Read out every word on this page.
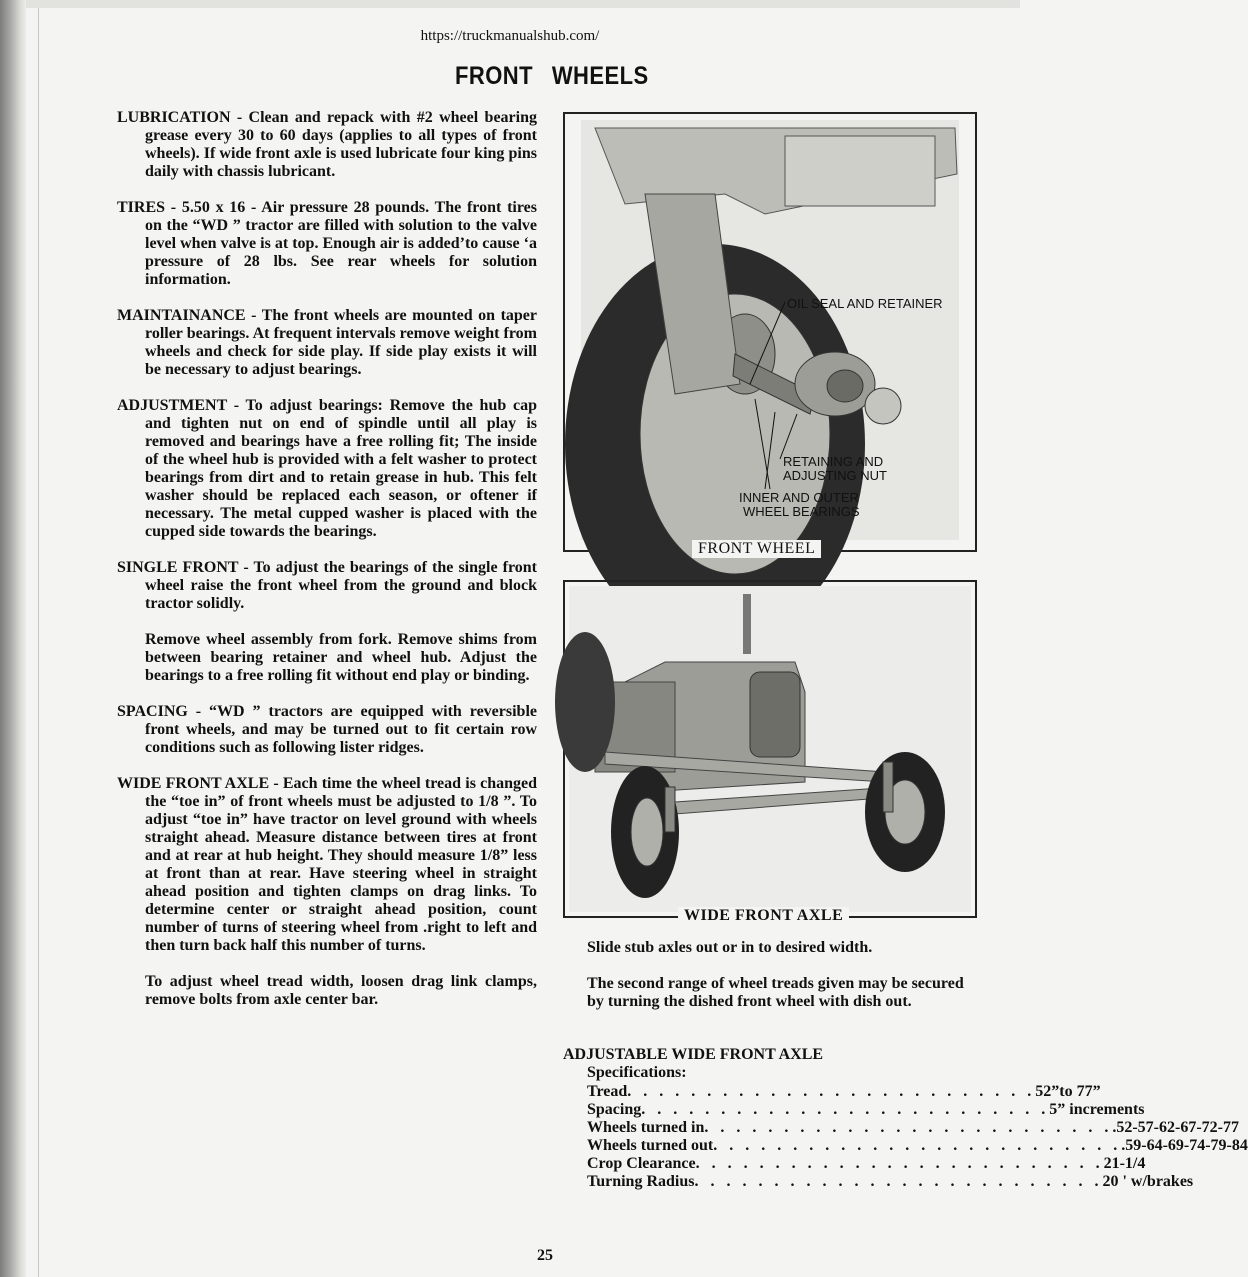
https://truckmanualshub.com/
FRONT WHEELS

LUBRICATION - Clean and repack with #2 wheel bearing grease every 30 to 60 days (applies to all types of front wheels). If wide front axle is used lubricate four king pins daily with chassis lubricant.

TIRES - 5.50 x 16 - Air pressure 28 pounds. The front tires on the “WD ” tractor are filled with solution to the valve level when valve is at top. Enough air is added’to cause ‘a pressure of 28 lbs. See rear wheels for solution information.

MAINTAINANCE - The front wheels are mounted on taper roller bearings. At frequent intervals remove weight from wheels and check for side play. If side play exists it will be necessary to adjust bearings.

ADJUSTMENT - To adjust bearings: Remove the hub cap and tighten nut on end of spindle until all play is removed and bearings have a free rolling fit; The inside of the wheel hub is provided with a felt washer to protect bearings from dirt and to retain grease in hub. This felt washer should be replaced each season, or oftener if necessary. The metal cupped washer is placed with the cupped side towards the bearings.

SINGLE FRONT - To adjust the bearings of the single front wheel raise the front wheel from the ground and block tractor solidly.

Remove wheel assembly from fork. Remove shims from between bearing retainer and wheel hub. Adjust the bearings to a free rolling fit without end play or binding.

SPACING - “WD ” tractors are equipped with reversible front wheels, and may be turned out to fit certain row conditions such as following lister ridges.

WIDE FRONT AXLE - Each time the wheel tread is changed the “toe in” of front wheels must be adjusted to 1/8 ”. To adjust “toe in” have tractor on level ground with wheels straight ahead. Measure distance between tires at front and at rear at hub height. They should measure 1/8” less at front than at rear. Have steering wheel in straight ahead position and tighten clamps on drag links. To determine center or straight ahead position, count number of turns of steering wheel from .right to left and then turn back half this number of turns.

To adjust wheel tread width, loosen drag link clamps, remove bolts from axle center bar.

OIL SEAL AND RETAINER
RETAINING AND
ADJUSTING NUT
INNER AND OUTER
WHEEL BEARINGS
FRONT WHEEL
WIDE FRONT AXLE

Slide stub axles out or in to desired width.

The second range of wheel treads given may be secured by turning the dished front wheel with dish out.

ADJUSTABLE WIDE FRONT AXLE
Specifications:
Tread . . . . . . . . . . . . . . . . . . . . . . . . . . 52”to 77”
Spacing . . . . . . . . . . . . . . . . . . . . . . . . . . 5” increments
Wheels turned in . . . . . . . . . . . . . . . . . . . . . . . . . . .52-57-62-67-72-77
Wheels turned out . . . . . . . . . . . . . . . . . . . . . . . . . . .59-64-69-74-79-84
Crop Clearance . . . . . . . . . . . . . . . . . . . . . . . . . . 21-1/4
Turning Radius . . . . . . . . . . . . . . . . . . . . . . . . . . 20 ' w/brakes
25
